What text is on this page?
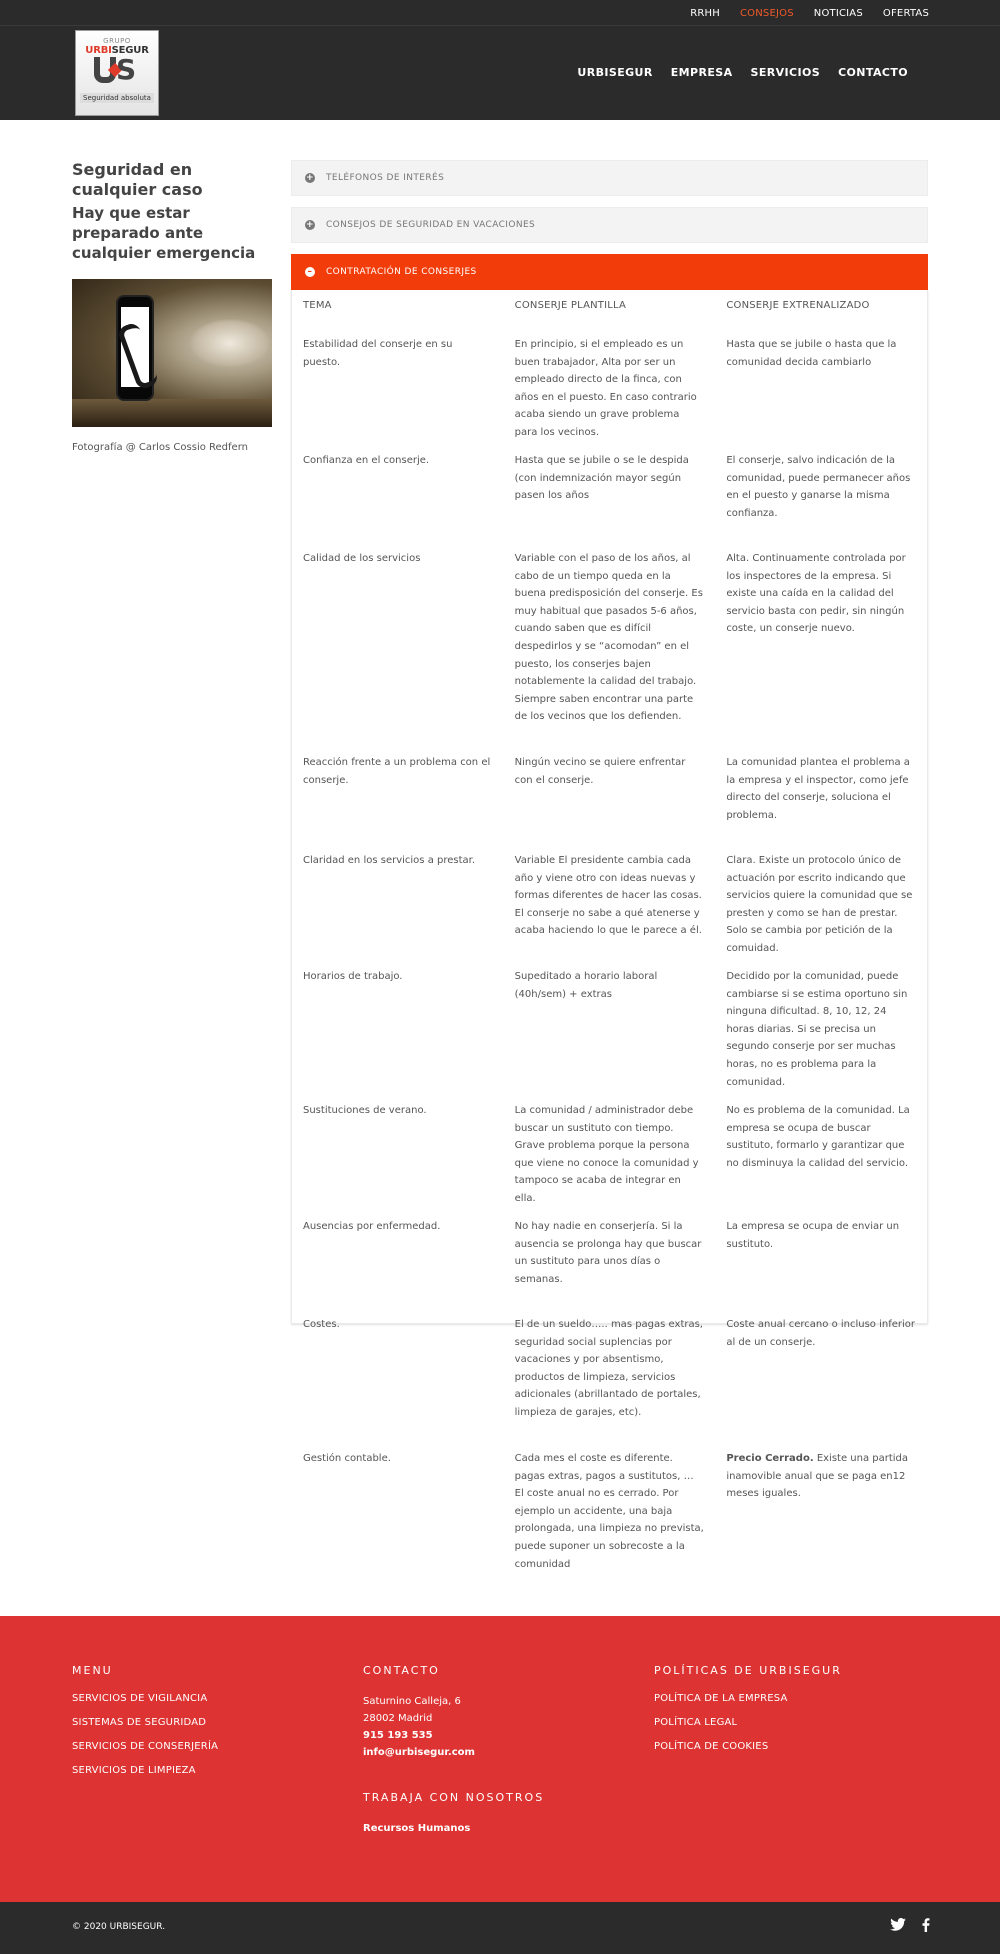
RRHH CONSEJOS NOTICIAS OFERTAS
GRUPO
URBISEGUR
S
Seguridad absoluta
URBISEGUR EMPRESA SERVICIOS CONTACTO
Seguridad en cualquier caso
Hay que estar preparado ante cualquier emergencia
Fotografía @ Carlos Cossio Redfern
+ TELÉFONOS DE INTERÉS
+ CONSEJOS DE SEGURIDAD EN VACACIONES
– CONTRATACIÓN DE CONSERJES
TEMA	CONSERJE PLANTILLA	CONSERJE EXTRENALIZADO
Estabilidad del conserje en su puesto.	En principio, si el empleado es un buen trabajador, Alta por ser un empleado directo de la finca, con años en el puesto. En caso contrario acaba siendo un grave problema para los vecinos.	Hasta que se jubile o hasta que la comunidad decida cambiarlo
Confianza en el conserje.	Hasta que se jubile o se le despida (con indemnización mayor según pasen los años	El conserje, salvo indicación de la comunidad, puede permanecer años en el puesto y ganarse la misma confianza.
Calidad de los servicios	Variable con el paso de los años, al cabo de un tiempo queda en la buena predisposición del conserje. Es muy habitual que pasados 5-6 años, cuando saben que es difícil despedirlos y se “acomodan” en el puesto, los conserjes bajen notablemente la calidad del trabajo. Siempre saben encontrar una parte de los vecinos que los defienden.	Alta. Continuamente controlada por los inspectores de la empresa. Si existe una caída en la calidad del servicio basta con pedir, sin ningún coste, un conserje nuevo.
Reacción frente a un problema con el conserje.	Ningún vecino se quiere enfrentar con el conserje.	La comunidad plantea el problema a la empresa y el inspector, como jefe directo del conserje, soluciona el problema.
Claridad en los servicios a prestar.	Variable El presidente cambia cada año y viene otro con ideas nuevas y formas diferentes de hacer las cosas. El conserje no sabe a qué atenerse y acaba haciendo lo que le parece a él.	Clara. Existe un protocolo único de actuación por escrito indicando que servicios quiere la comunidad que se presten y como se han de prestar. Solo se cambia por petición de la comuidad.
Horarios de trabajo.	Supeditado a horario laboral (40h/sem) + extras	Decidido por la comunidad, puede cambiarse si se estima oportuno sin ninguna dificultad. 8, 10, 12, 24 horas diarias. Si se precisa un segundo conserje por ser muchas horas, no es problema para la comunidad.
Sustituciones de verano.	La comunidad / administrador debe buscar un sustituto con tiempo. Grave problema porque la persona que viene no conoce la comunidad y tampoco se acaba de integrar en ella.	No es problema de la comunidad. La empresa se ocupa de buscar sustituto, formarlo y garantizar que no disminuya la calidad del servicio.
Ausencias por enfermedad.	No hay nadie en conserjería. Si la ausencia se prolonga hay que buscar un sustituto para unos días o semanas.	La empresa se ocupa de enviar un sustituto.
Costes.	El de un sueldo….. mas pagas extras, seguridad social suplencias por vacaciones y por absentismo, productos de limpieza, servicios adicionales (abrillantado de portales, limpieza de garajes, etc).	Coste anual cercano o incluso inferior al de un conserje.
Gestión contable.	Cada mes el coste es diferente. pagas extras, pagos a sustitutos, … El coste anual no es cerrado. Por ejemplo un accidente, una baja prolongada, una limpieza no prevista, puede suponer un sobrecoste a la comunidad	Precio Cerrado. Existe una partida inamovible anual que se paga en12 meses iguales.
MENU
SERVICIOS DE VIGILANCIA
SISTEMAS DE SEGURIDAD
SERVICIOS DE CONSERJERÍA
SERVICIOS DE LIMPIEZA
CONTACTO

Saturnino Calleja, 6

28002 Madrid

915 193 535

info@urbisegur.com

TRABAJA CON NOSOTROS

Recursos Humanos

POLÍTICAS DE URBISEGUR
POLÍTICA DE LA EMPRESA
POLÍTICA LEGAL
POLÍTICA DE COOKIES
© 2020 URBISEGUR.
